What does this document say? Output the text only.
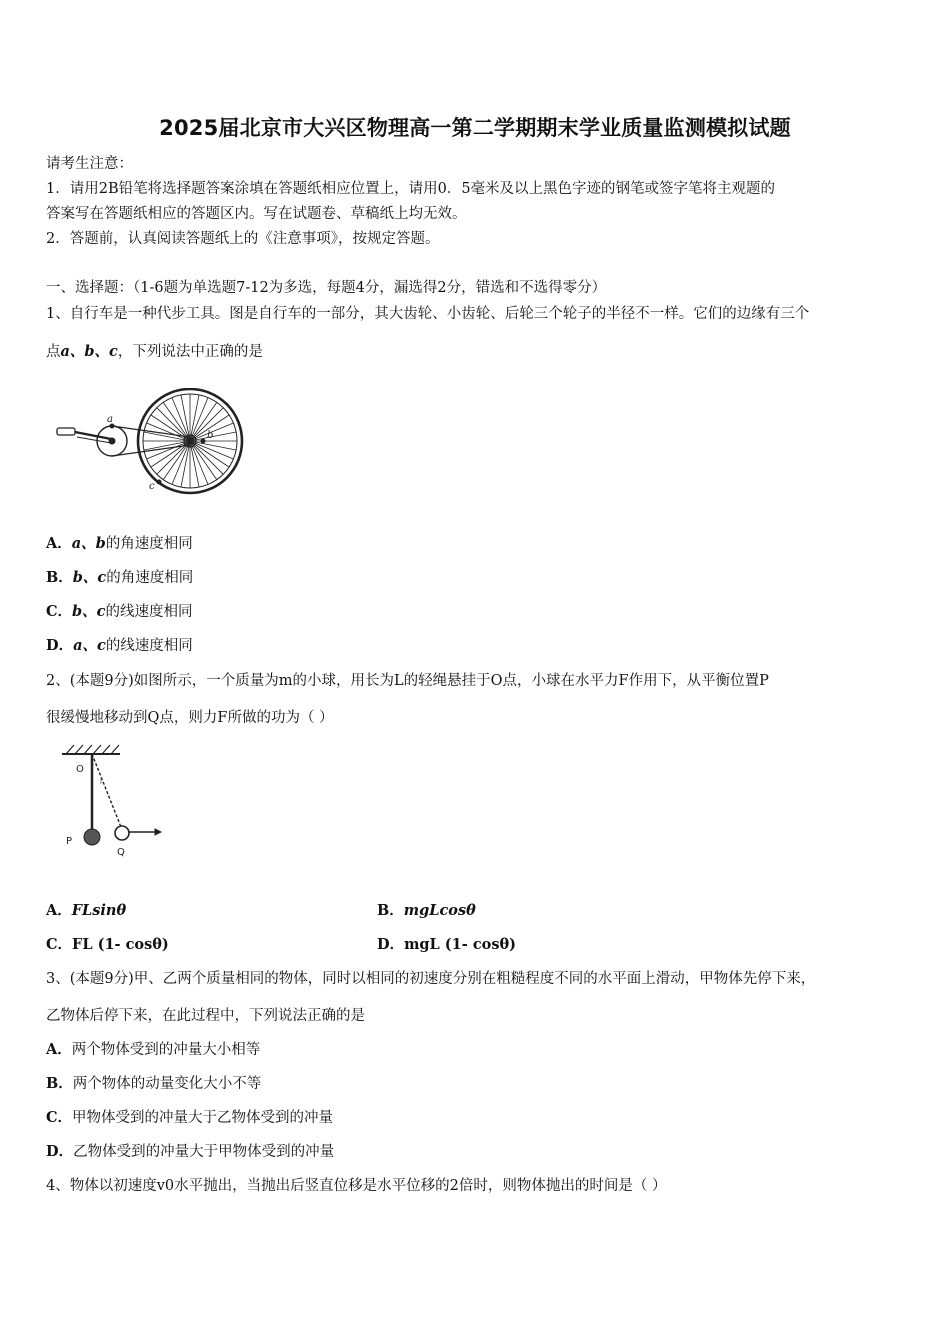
2025届北京市大兴区物理高一第二学期期末学业质量监测模拟试题
请考生注意：
1．请用2B铅笔将选择题答案涂填在答题纸相应位置上，请用0．5毫米及以上黑色字迹的钢笔或签字笔将主观题的
答案写在答题纸相应的答题区内。写在试题卷、草稿纸上均无效。
2．答题前，认真阅读答题纸上的《注意事项》，按规定答题。
一、选择题：（1-6题为单选题7-12为多选，每题4分，漏选得2分，错选和不选得零分）
1、自行车是一种代步工具。图是自行车的一部分，其大齿轮、小齿轮、后轮三个轮子的半径不一样。它们的边缘有三个
点a、b、c，下列说法中正确的是
a
b
c
A．a、b的角速度相同
B．b、c的角速度相同
C．b、c的线速度相同
D．a、c的线速度相同
2、(本题9分)如图所示，一个质量为m的小球，用长为L的轻绳悬挂于O点，小球在水平力F作用下，从平衡位置P
很缓慢地移动到Q点，则力F所做的功为（ ）
O
l
P
Q
A．FLsinθ	B．mgLcosθ
C．FL (1- cosθ)	D．mgL (1- cosθ)
3、(本题9分)甲、乙两个质量相同的物体，同时以相同的初速度分别在粗糙程度不同的水平面上滑动，甲物体先停下来，
乙物体后停下来，在此过程中，下列说法正确的是
A．两个物体受到的冲量大小相等
B．两个物体的动量变化大小不等
C．甲物体受到的冲量大于乙物体受到的冲量
D．乙物体受到的冲量大于甲物体受到的冲量
4、物体以初速度v0水平抛出，当抛出后竖直位移是水平位移的2倍时，则物体抛出的时间是（ ）
